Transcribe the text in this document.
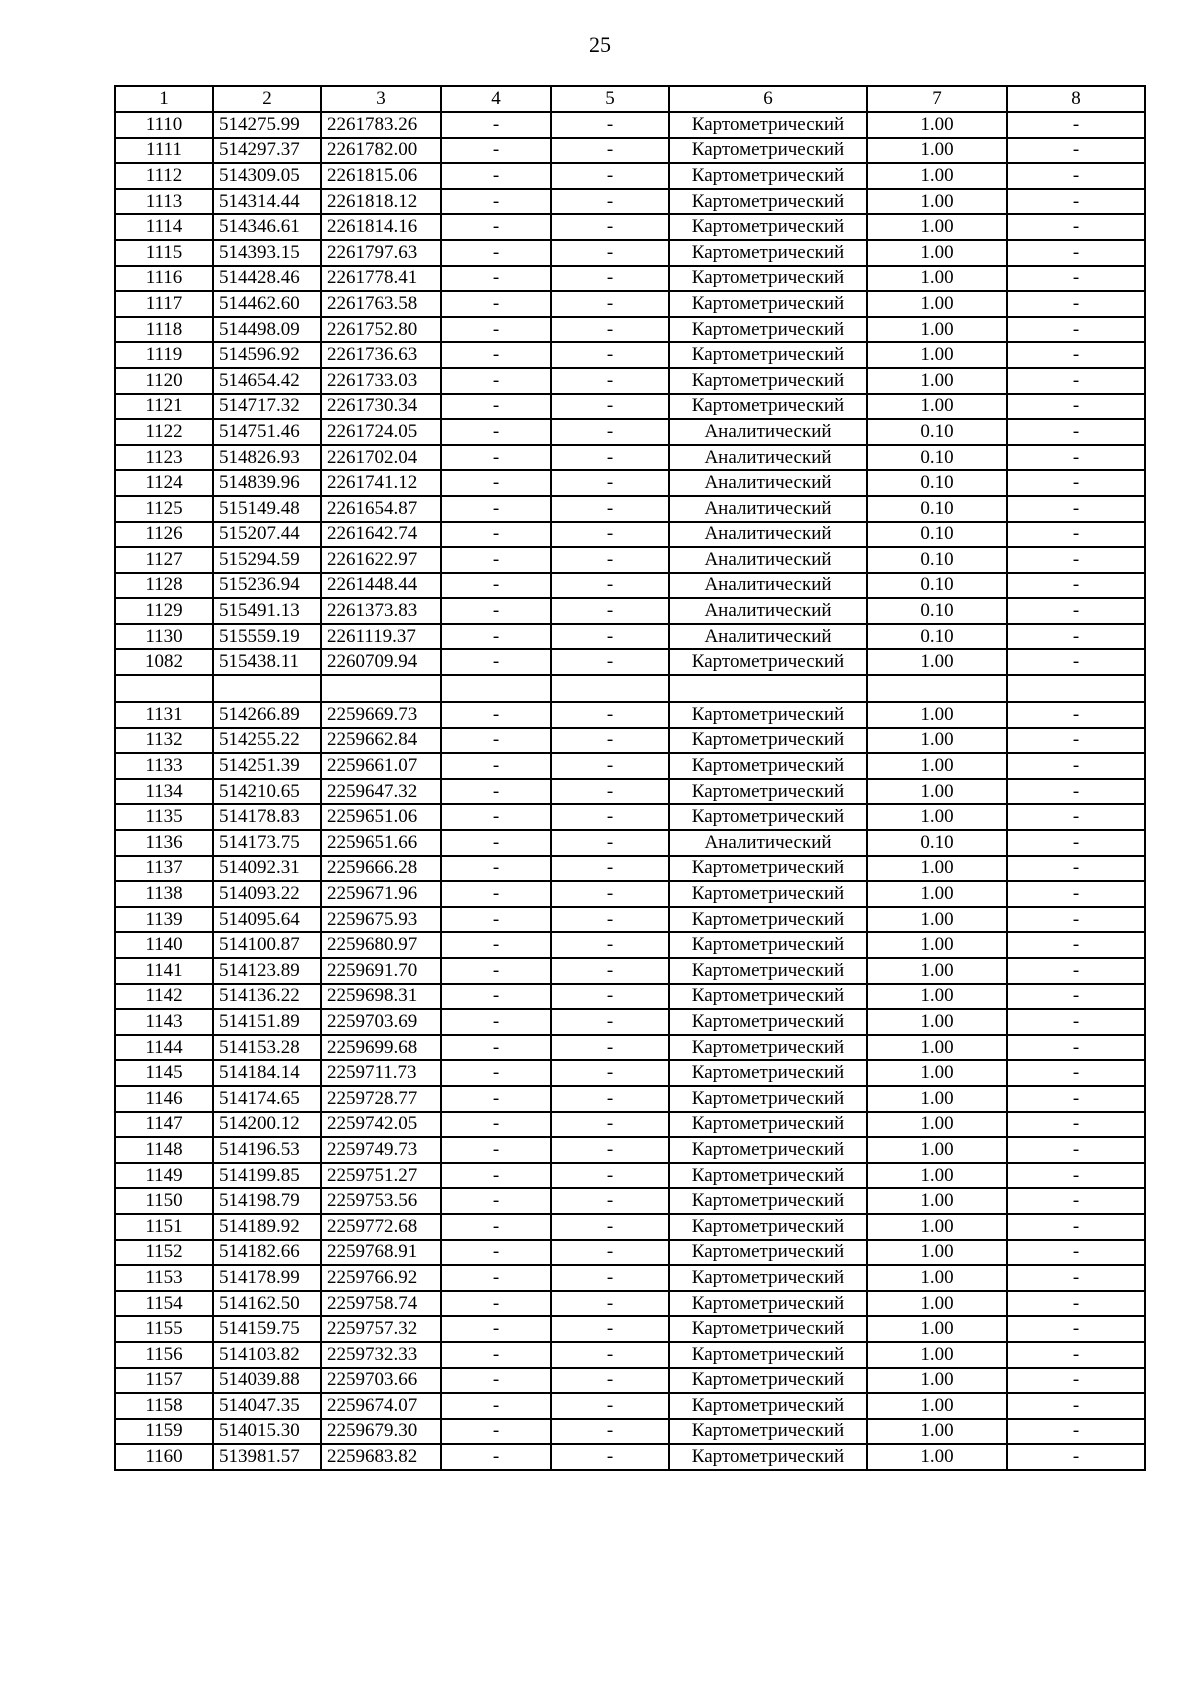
25
1	2	3	4	5	6	7	8
1110	514275.99	2261783.26	-	-	Картометрический	1.00	-
1111	514297.37	2261782.00	-	-	Картометрический	1.00	-
1112	514309.05	2261815.06	-	-	Картометрический	1.00	-
1113	514314.44	2261818.12	-	-	Картометрический	1.00	-
1114	514346.61	2261814.16	-	-	Картометрический	1.00	-
1115	514393.15	2261797.63	-	-	Картометрический	1.00	-
1116	514428.46	2261778.41	-	-	Картометрический	1.00	-
1117	514462.60	2261763.58	-	-	Картометрический	1.00	-
1118	514498.09	2261752.80	-	-	Картометрический	1.00	-
1119	514596.92	2261736.63	-	-	Картометрический	1.00	-
1120	514654.42	2261733.03	-	-	Картометрический	1.00	-
1121	514717.32	2261730.34	-	-	Картометрический	1.00	-
1122	514751.46	2261724.05	-	-	Аналитический	0.10	-
1123	514826.93	2261702.04	-	-	Аналитический	0.10	-
1124	514839.96	2261741.12	-	-	Аналитический	0.10	-
1125	515149.48	2261654.87	-	-	Аналитический	0.10	-
1126	515207.44	2261642.74	-	-	Аналитический	0.10	-
1127	515294.59	2261622.97	-	-	Аналитический	0.10	-
1128	515236.94	2261448.44	-	-	Аналитический	0.10	-
1129	515491.13	2261373.83	-	-	Аналитический	0.10	-
1130	515559.19	2261119.37	-	-	Аналитический	0.10	-
1082	515438.11	2260709.94	-	-	Картометрический	1.00	-

1131	514266.89	2259669.73	-	-	Картометрический	1.00	-
1132	514255.22	2259662.84	-	-	Картометрический	1.00	-
1133	514251.39	2259661.07	-	-	Картометрический	1.00	-
1134	514210.65	2259647.32	-	-	Картометрический	1.00	-
1135	514178.83	2259651.06	-	-	Картометрический	1.00	-
1136	514173.75	2259651.66	-	-	Аналитический	0.10	-
1137	514092.31	2259666.28	-	-	Картометрический	1.00	-
1138	514093.22	2259671.96	-	-	Картометрический	1.00	-
1139	514095.64	2259675.93	-	-	Картометрический	1.00	-
1140	514100.87	2259680.97	-	-	Картометрический	1.00	-
1141	514123.89	2259691.70	-	-	Картометрический	1.00	-
1142	514136.22	2259698.31	-	-	Картометрический	1.00	-
1143	514151.89	2259703.69	-	-	Картометрический	1.00	-
1144	514153.28	2259699.68	-	-	Картометрический	1.00	-
1145	514184.14	2259711.73	-	-	Картометрический	1.00	-
1146	514174.65	2259728.77	-	-	Картометрический	1.00	-
1147	514200.12	2259742.05	-	-	Картометрический	1.00	-
1148	514196.53	2259749.73	-	-	Картометрический	1.00	-
1149	514199.85	2259751.27	-	-	Картометрический	1.00	-
1150	514198.79	2259753.56	-	-	Картометрический	1.00	-
1151	514189.92	2259772.68	-	-	Картометрический	1.00	-
1152	514182.66	2259768.91	-	-	Картометрический	1.00	-
1153	514178.99	2259766.92	-	-	Картометрический	1.00	-
1154	514162.50	2259758.74	-	-	Картометрический	1.00	-
1155	514159.75	2259757.32	-	-	Картометрический	1.00	-
1156	514103.82	2259732.33	-	-	Картометрический	1.00	-
1157	514039.88	2259703.66	-	-	Картометрический	1.00	-
1158	514047.35	2259674.07	-	-	Картометрический	1.00	-
1159	514015.30	2259679.30	-	-	Картометрический	1.00	-
1160	513981.57	2259683.82	-	-	Картометрический	1.00	-
